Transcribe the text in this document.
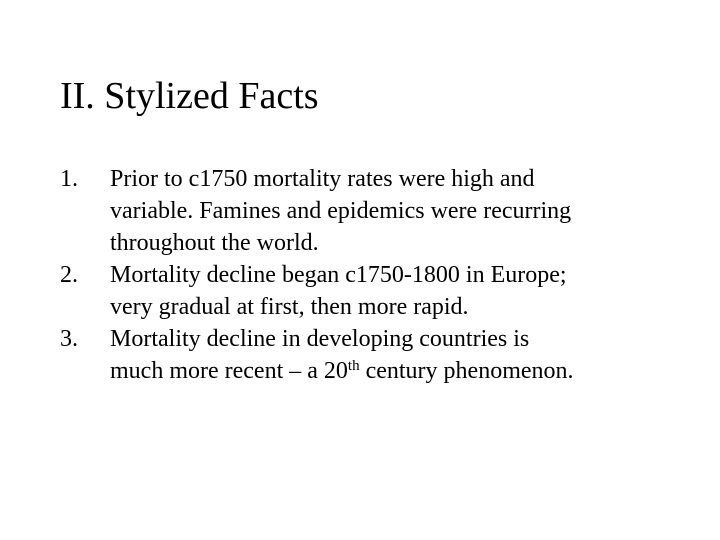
II. Stylized Facts
1. Prior to c1750 mortality rates were high and
variable. Famines and epidemics were recurring
throughout the world.
2. Mortality decline began c1750-1800 in Europe;
very gradual at first, then more rapid.
3. Mortality decline in developing countries is
much more recent – a 20th century phenomenon.
